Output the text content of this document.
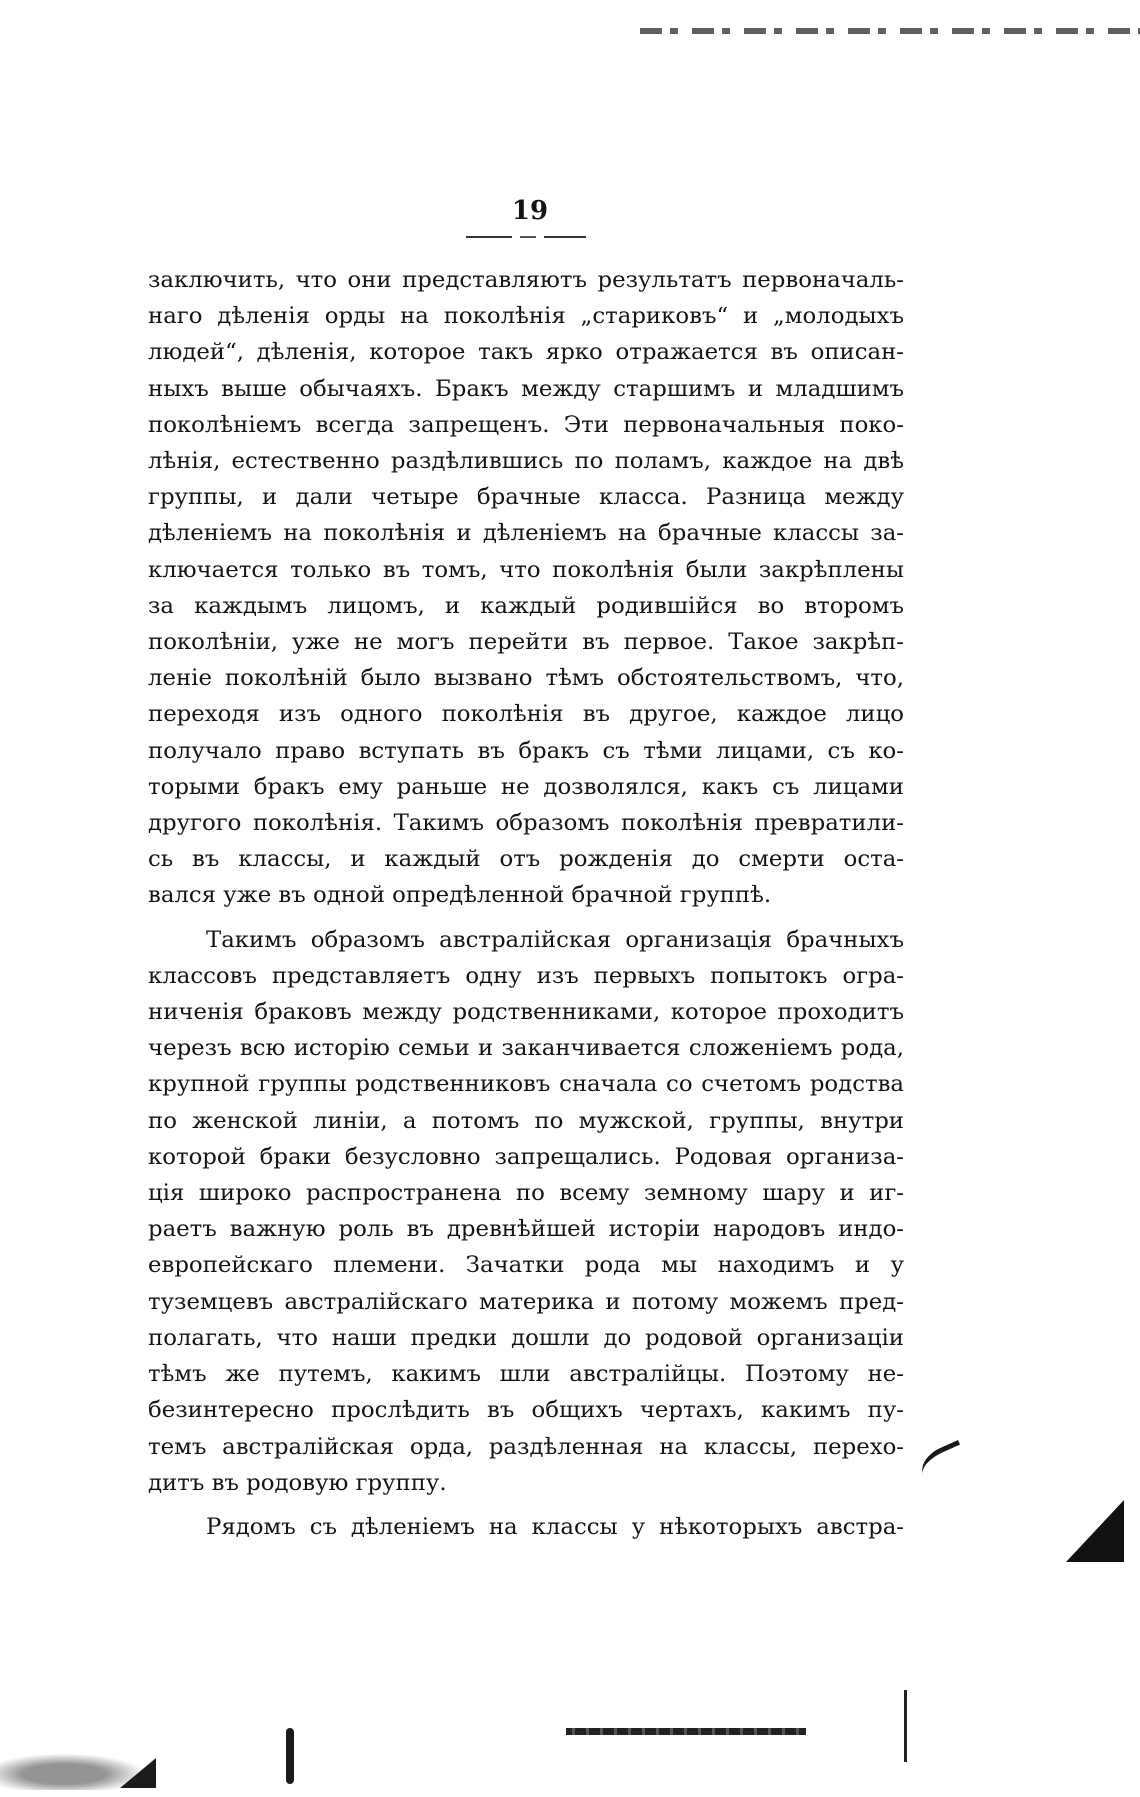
19
заключить, что они представляютъ результатъ первоначаль-
наго дѣленія орды на поколѣнія „стариковъ“ и „молодыхъ
людей“, дѣленія, которое такъ ярко отражается въ описан-
ныхъ выше обычаяхъ. Бракъ между старшимъ и младшимъ
поколѣніемъ всегда запрещенъ. Эти первоначальныя поко-
лѣнія, естественно раздѣлившись по поламъ, каждое на двѣ
группы, и дали четыре брачные класса. Разница между
дѣленіемъ на поколѣнія и дѣленіемъ на брачные классы за-
ключается только въ томъ, что поколѣнія были закрѣплены
за каждымъ лицомъ, и каждый родившійся во второмъ
поколѣніи, уже не могъ перейти въ первое. Такое закрѣп-
леніе поколѣній было вызвано тѣмъ обстоятельствомъ, что,
переходя изъ одного поколѣнія въ другое, каждое лицо
получало право вступать въ бракъ съ тѣми лицами, съ ко-
торыми бракъ ему раньше не дозволялся, какъ съ лицами
другого поколѣнія. Такимъ образомъ поколѣнія превратили-
сь въ классы, и каждый отъ рожденія до смерти оста-
вался уже въ одной опредѣленной брачной группѣ.
Такимъ образомъ австралійская организація брачныхъ
классовъ представляетъ одну изъ первыхъ попытокъ огра-
ниченія браковъ между родственниками, которое проходитъ
черезъ всю исторію семьи и заканчивается сложеніемъ рода,
крупной группы родственниковъ сначала со счетомъ родства
по женской линіи, а потомъ по мужской, группы, внутри
которой браки безусловно запрещались. Родовая организа-
ція широко распространена по всему земному шару и иг-
раетъ важную роль въ древнѣйшей исторіи народовъ индо-
европейскаго племени. Зачатки рода мы находимъ и у
туземцевъ австралійскаго материка и потому можемъ пред-
полагать, что наши предки дошли до родовой организаціи
тѣмъ же путемъ, какимъ шли австралійцы. Поэтому не-
безинтересно прослѣдить въ общихъ чертахъ, какимъ пу-
темъ австралійская орда, раздѣленная на классы, перехо-
дитъ въ родовую группу.
Рядомъ съ дѣленіемъ на классы у нѣкоторыхъ австра-
